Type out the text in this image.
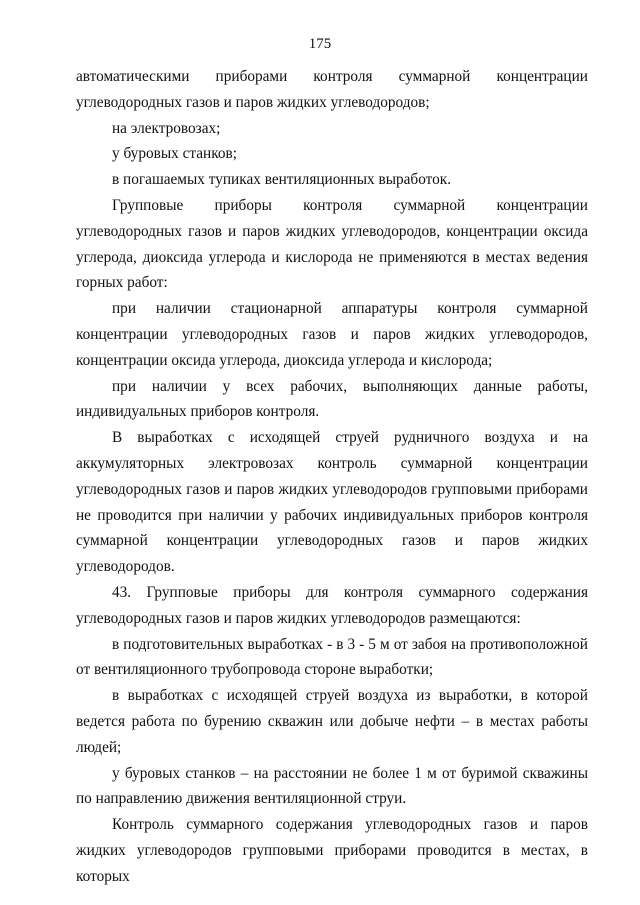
175

автоматическими приборами контроля суммарной концентрации углеводородных газов и паров жидких углеводородов;

на электровозах;

у буровых станков;

в погашаемых тупиках вентиляционных выработок.

Групповые приборы контроля суммарной концентрации углеводородных газов и паров жидких углеводородов, концентрации оксида углерода, диоксида углерода и кислорода не применяются в местах ведения горных работ:

при наличии стационарной аппаратуры контроля суммарной концентрации углеводородных газов и паров жидких углеводородов, концентрации оксида углерода, диоксида углерода и кислорода;

при наличии у всех рабочих, выполняющих данные работы, индивидуальных приборов контроля.

В выработках с исходящей струей рудничного воздуха и на аккумуляторных электровозах контроль суммарной концентрации углеводородных газов и паров жидких углеводородов групповыми приборами не проводится при наличии у рабочих индивидуальных приборов контроля суммарной концентрации углеводородных газов и паров жидких углеводородов.

43. Групповые приборы для контроля суммарного содержания углеводородных газов и паров жидких углеводородов размещаются:

в подготовительных выработках - в 3 - 5 м от забоя на противоположной от вентиляционного трубопровода стороне выработки;

в выработках с исходящей струей воздуха из выработки, в которой ведется работа по бурению скважин или добыче нефти – в местах работы людей;

у буровых станков – на расстоянии не более 1 м от буримой скважины по направлению движения вентиляционной струи.

Контроль суммарного содержания углеводородных газов и паров жидких углеводородов групповыми приборами проводится в местах, в которых
